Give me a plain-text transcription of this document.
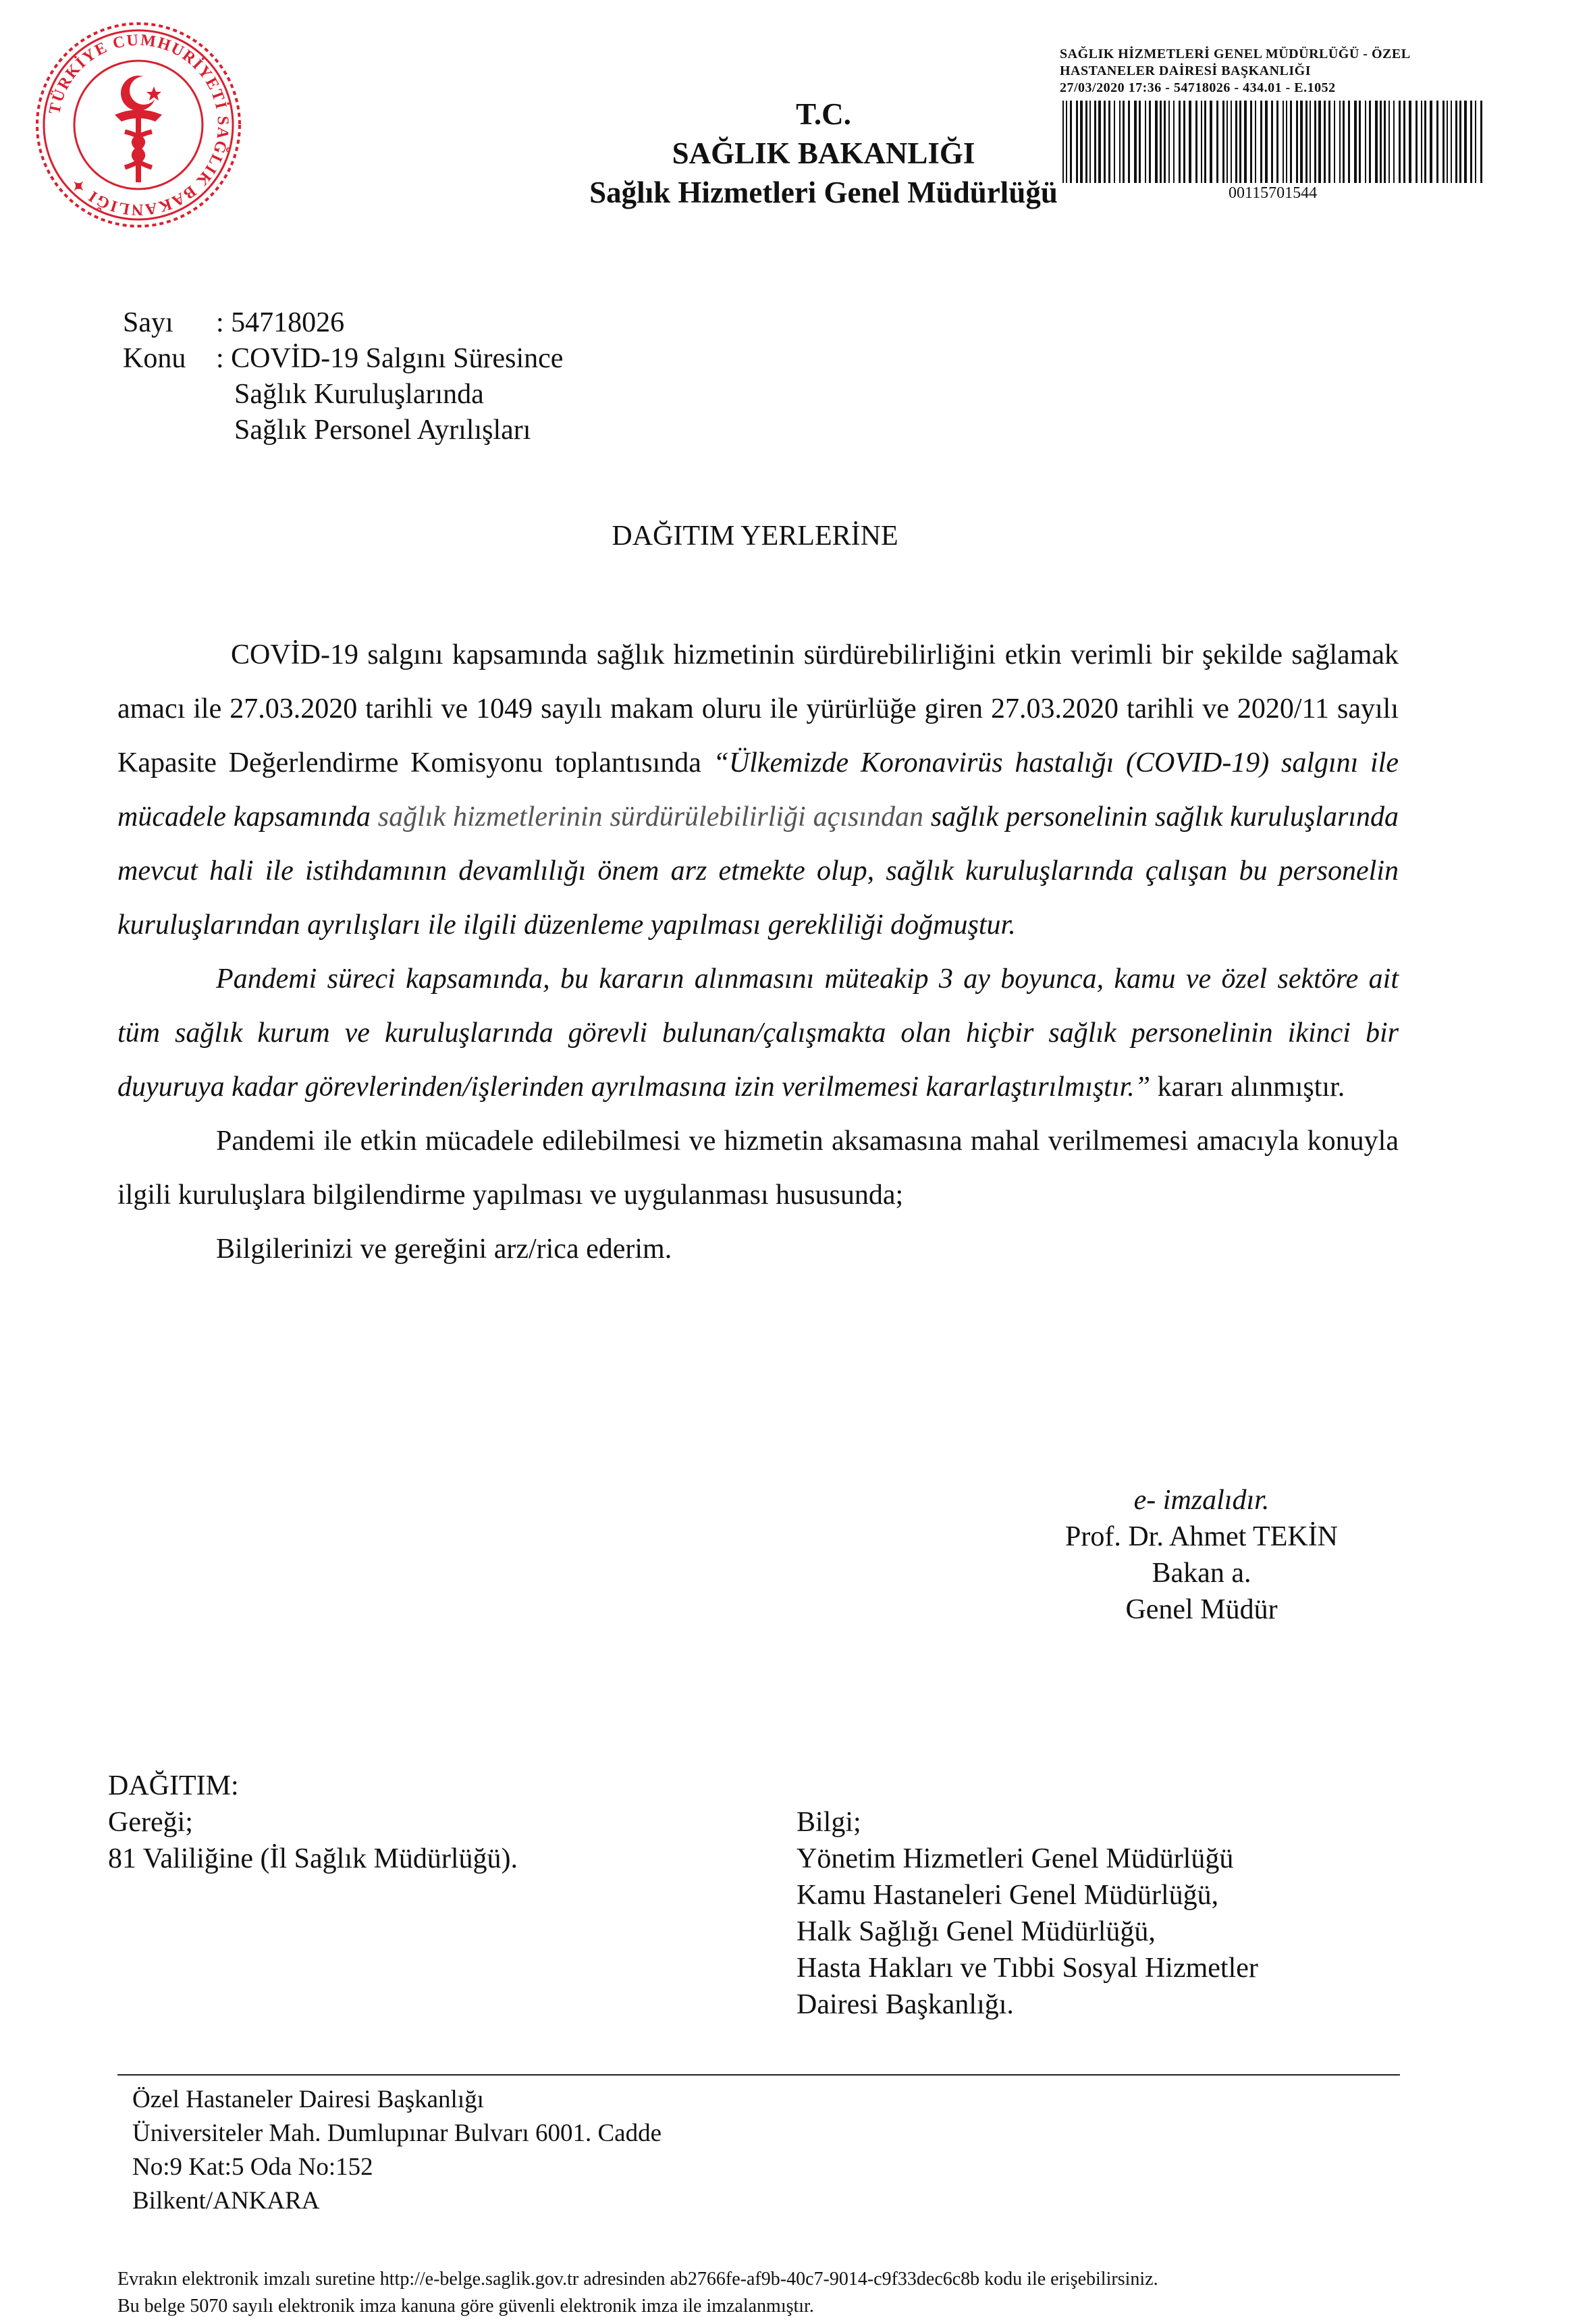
TÜRKİYE CUMHURİYETİ SAĞLIK BAKANLIĞI ✦
T.C.
SAĞLIK BAKANLIĞI
Sağlık Hizmetleri Genel Müdürlüğü
SAĞLIK HİZMETLERİ GENEL MÜDÜRLÜĞÜ - ÖZEL
HASTANELER DAİRESİ BAŞKANLIĞI
27/03/2020 17:36 - 54718026 - 434.01 - E.1052
00115701544
Sayı	: 54718026
Konu	: COVİD-19 Salgını Süresince
Sağlık Kuruluşlarında
Sağlık Personel Ayrılışları
DAĞITIM YERLERİNE

COVİD-19 salgını kapsamında sağlık hizmetinin sürdürebilirliğini etkin verimli bir şekilde sağlamak amacı ile 27.03.2020 tarihli ve 1049 sayılı makam oluru ile yürürlüğe giren 27.03.2020 tarihli ve 2020/11 sayılı Kapasite Değerlendirme Komisyonu toplantısında “Ülkemizde Koronavirüs hastalığı (COVID-19) salgını ile mücadele kapsamında sağlık hizmetlerinin sürdürülebilirliği açısından sağlık personelinin sağlık kuruluşlarında mevcut hali ile istihdamının devamlılığı önem arz etmekte olup, sağlık kuruluşlarında çalışan bu personelin kuruluşlarından ayrılışları ile ilgili düzenleme yapılması gerekliliği doğmuştur.

Pandemi süreci kapsamında, bu kararın alınmasını müteakip 3 ay boyunca, kamu ve özel sektöre ait tüm sağlık kurum ve kuruluşlarında görevli bulunan/çalışmakta olan hiçbir sağlık personelinin ikinci bir duyuruya kadar görevlerinden/işlerinden ayrılmasına izin verilmemesi kararlaştırılmıştır.” kararı alınmıştır.

Pandemi ile etkin mücadele edilebilmesi ve hizmetin aksamasına mahal verilmemesi amacıyla konuyla ilgili kuruluşlara bilgilendirme yapılması ve uygulanması hususunda;

Bilgilerinizi ve gereğini arz/rica ederim.

e- imzalıdır.
Prof. Dr. Ahmet TEKİN
Bakan a.
Genel Müdür
DAĞITIM:
Gereği;
81 Valiliğine (İl Sağlık Müdürlüğü).
Bilgi;
Yönetim Hizmetleri Genel Müdürlüğü
Kamu Hastaneleri Genel Müdürlüğü,
Halk Sağlığı Genel Müdürlüğü,
Hasta Hakları ve Tıbbi Sosyal Hizmetler
Dairesi Başkanlığı.
Özel Hastaneler Dairesi Başkanlığı
Üniversiteler Mah. Dumlupınar Bulvarı 6001. Cadde
No:9 Kat:5 Oda No:152
Bilkent/ANKARA
Evrakın elektronik imzalı suretine http://e-belge.saglik.gov.tr adresinden ab2766fe-af9b-40c7-9014-c9f33dec6c8b kodu ile erişebilirsiniz.
Bu belge 5070 sayılı elektronik imza kanuna göre güvenli elektronik imza ile imzalanmıştır.
